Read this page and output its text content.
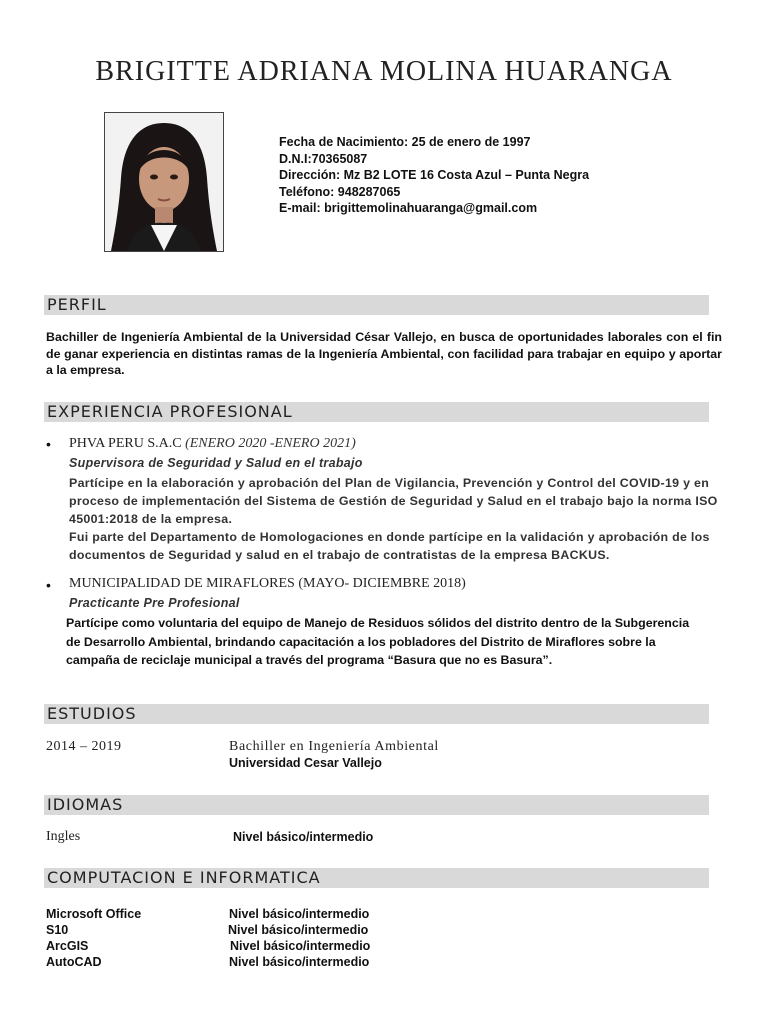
BRIGITTE ADRIANA MOLINA HUARANGA
Fecha de Nacimiento: 25 de enero de 1997
D.N.I:70365087
Dirección: Mz B2 LOTE 16 Costa Azul – Punta Negra
Teléfono: 948287065
E-mail: brigittemolinahuaranga@gmail.com
PERFIL
Bachiller de Ingeniería Ambiental de la Universidad César Vallejo, en busca de oportunidades laborales con el fin de ganar experiencia en distintas ramas de la Ingeniería Ambiental, con facilidad para trabajar en equipo y aportar a la empresa.
EXPERIENCIA PROFESIONAL
• PHVA PERU S.A.C (ENERO 2020 -ENERO 2021)
Supervisora de Seguridad y Salud en el trabajo
Partícipe en la elaboración y aprobación del Plan de Vigilancia, Prevención y Control del COVID-19 y en proceso de implementación del Sistema de Gestión de Seguridad y Salud en el trabajo bajo la norma ISO 45001:2018 de la empresa.
Fui parte del Departamento de Homologaciones en donde partícipe en la validación y aprobación de los documentos de Seguridad y salud en el trabajo de contratistas de la empresa BACKUS.
• MUNICIPALIDAD DE MIRAFLORES (MAYO- DICIEMBRE 2018)
Practicante Pre Profesional
Partícipe como voluntaria del equipo de Manejo de Residuos sólidos del distrito dentro de la Subgerencia de Desarrollo Ambiental, brindando capacitación a los pobladores del Distrito de Miraflores sobre la campaña de reciclaje municipal a través del programa “Basura que no es Basura”.
ESTUDIOS
2014 – 2019	Bachiller en Ingeniería Ambiental
Universidad Cesar Vallejo
IDIOMAS
Ingles	Nivel básico/intermedio
COMPUTACION E INFORMATICA
Microsoft Office	Nivel básico/intermedio
S10	Nivel básico/intermedio
ArcGIS	Nivel básico/intermedio
AutoCAD	Nivel básico/intermedio
